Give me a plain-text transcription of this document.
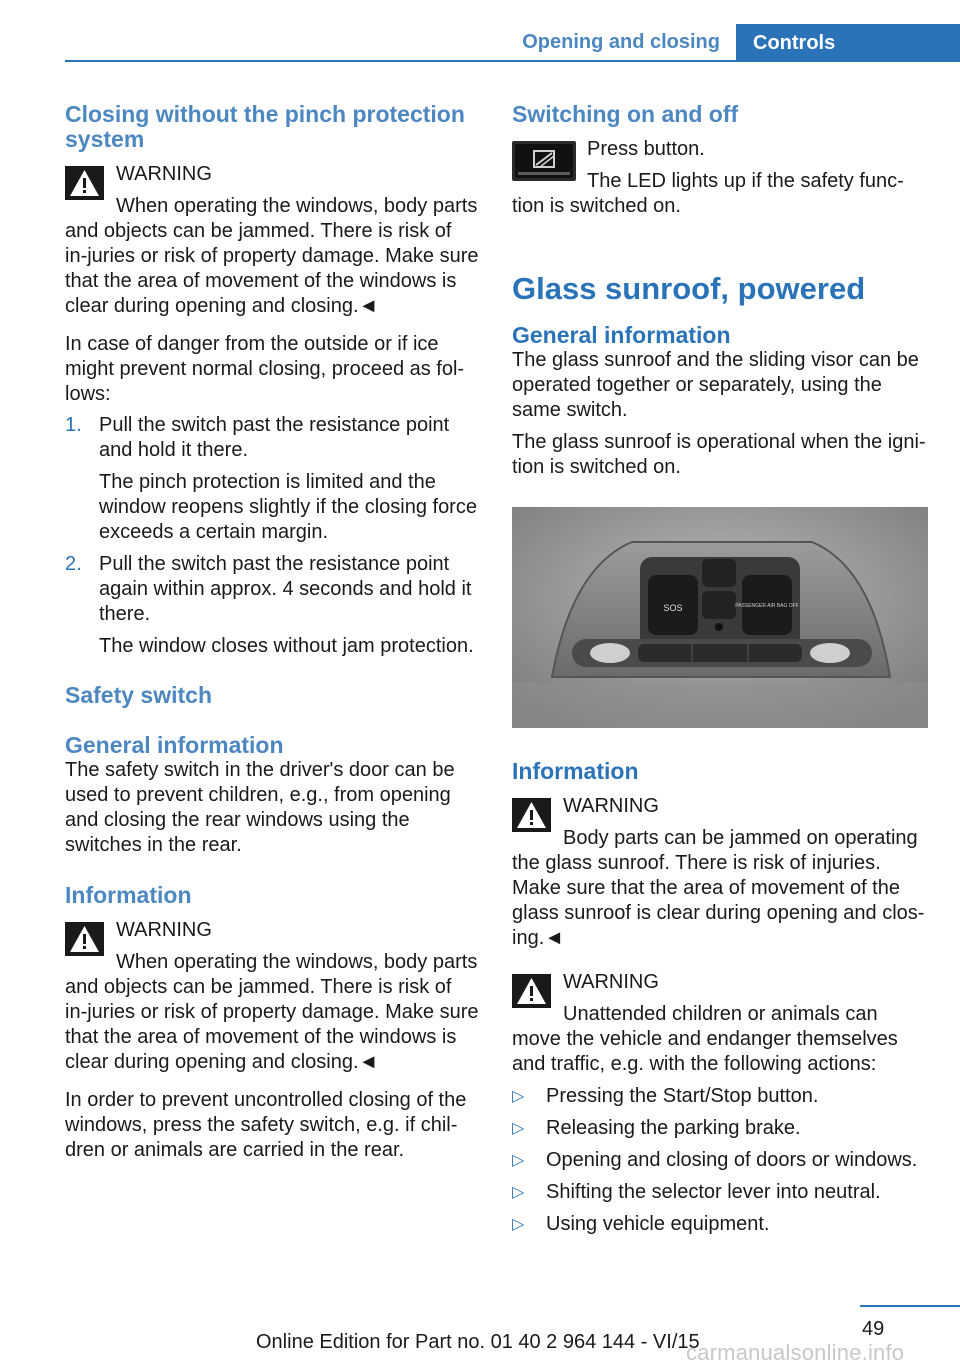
Opening and closing Controls
Closing without the pinch protection system

WARNING

When operating the windows, body parts

and objects can be jammed. There is risk of in-juries or risk of property damage. Make sure that the area of movement of the windows is clear during opening and closing.◄

In case of danger from the outside or if ice might prevent normal closing, proceed as fol-lows:

1. Pull the switch past the resistance point and hold it there.

The pinch protection is limited and the window reopens slightly if the closing force exceeds a certain margin.

2. Pull the switch past the resistance point again within approx. 4 seconds and hold it there.

The window closes without jam protection.

Safety switch
General information

The safety switch in the driver's door can be used to prevent children, e.g., from opening and closing the rear windows using the switches in the rear.

Information

WARNING

When operating the windows, body parts

and objects can be jammed. There is risk of in-juries or risk of property damage. Make sure that the area of movement of the windows is clear during opening and closing.◄

In order to prevent uncontrolled closing of the windows, press the safety switch, e.g. if chil-dren or animals are carried in the rear.

Switching on and off

Press button.

The LED lights up if the safety func-

tion is switched on.

Glass sunroof, powered
General information

The glass sunroof and the sliding visor can be operated together or separately, using the same switch.

The glass sunroof is operational when the igni-tion is switched on.

SOS	PASSENGER AIR BAG OFF
Information

WARNING

Body parts can be jammed on operating

the glass sunroof. There is risk of injuries. Make sure that the area of movement of the glass sunroof is clear during opening and clos-ing.◄

WARNING

Unattended children or animals can

move the vehicle and endanger themselves and traffic, e.g. with the following actions:

▷ Pressing the Start/Stop button.
▷ Releasing the parking brake.
▷ Opening and closing of doors or windows.
▷ Shifting the selector lever into neutral.
▷ Using vehicle equipment.
49
Online Edition for Part no. 01 40 2 964 144 - VI/15
carmanualsonline.info
